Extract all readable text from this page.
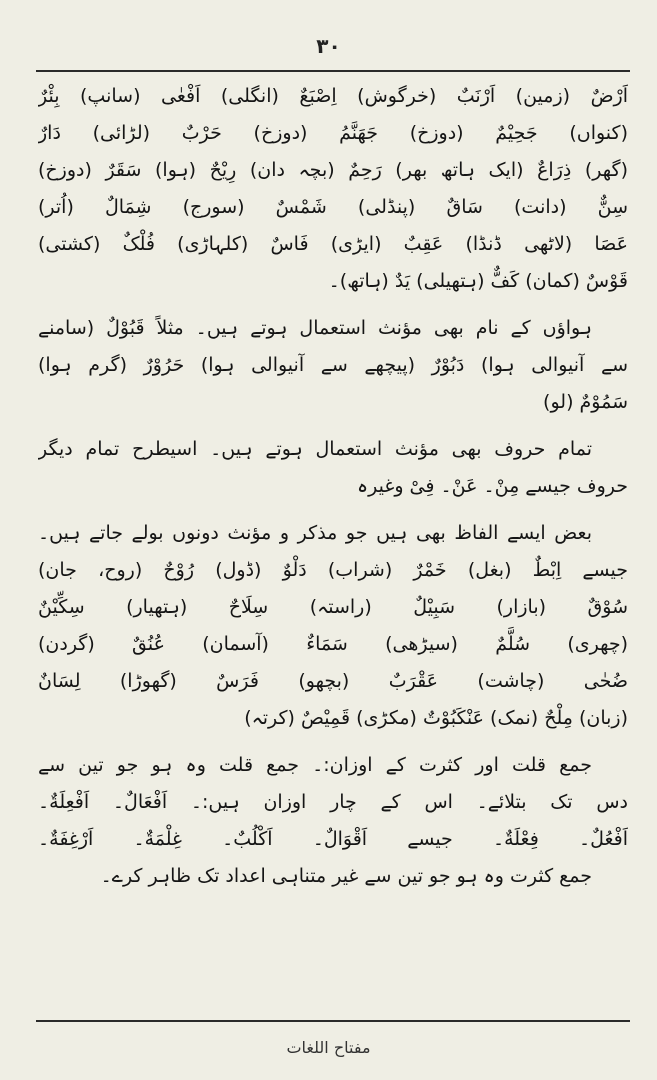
۳۰
اَرْضٌ (زمین) اَرْنَبٌ (خرگوش) اِصْبَعٌ (انگلی) اَفْعٰی (سانپ) بِئْرٌ
(کنواں) جَحِیْمٌ (دوزخ) جَهَنَّمُ (دوزخ) حَرْبٌ (لڑائی) دَارٌ
(گھر) ذِرَاعٌ (ایک ہاتھ بھر) رَحِمٌ (بچہ دان) رِیْحٌ (ہوا) سَقَرٌ (دوزخ)
سِنٌّ (دانت) سَاقٌ (پنڈلی) شَمْسٌ (سورج) شِمَالٌ (اُتر)
عَصَا (لاٹھی ڈنڈا) عَقِبٌ (ایڑی) فَاسٌ (کلہاڑی) فُلْکٌ (کشتی)
قَوْسٌ (کمان) کَفٌّ (ہتھیلی) یَدٌ (ہاتھ)۔
ہواؤں کے نام بھی مؤنث استعمال ہوتے ہیں۔ مثلاً قَبُوْلٌ (سامنے
سے آنیوالی ہوا) دَبُوْرٌ (پیچھے سے آنیوالی ہوا) حَرُوْرٌ (گرم ہوا)
سَمُوْمٌ (لو)
تمام حروف بھی مؤنث استعمال ہوتے ہیں۔ اسیطرح تمام دیگر
حروف جیسے مِنْ۔ عَنْ۔ فِیْ وغیرہ
بعض ایسے الفاظ بھی ہیں جو مذکر و مؤنث دونوں بولے جاتے ہیں۔
جیسے اِبْطٌ (بغل) خَمْرٌ (شراب) دَلْوٌ (ڈول) رُوْحٌ (روح، جان)
سُوْقٌ (بازار) سَبِیْلٌ (راستہ) سِلَاحٌ (ہتھیار) سِکِّیْنٌ
(چھری) سُلَّمٌ (سیڑھی) سَمَاءٌ (آسمان) عُنُقٌ (گردن)
ضُحٰی (چاشت) عَقْرَبٌ (بچھو) فَرَسٌ (گھوڑا) لِسَانٌ
(زبان) مِلْحٌ (نمک) عَنْکَبُوْتٌ (مکڑی) قَمِیْصٌ (کرتہ)
جمع قلت اور کثرت کے اوزان:۔ جمع قلت وہ ہو جو تین سے
دس تک بتلائے۔ اس کے چار اوزان ہیں:۔ اَفْعَالٌ۔ اَفْعِلَةٌ۔
اَفْعُلٌ۔ فِعْلَةٌ۔ جیسے اَقْوَالٌ۔ اَکْلُبٌ۔ غِلْمَةٌ۔ اَرْغِفَةٌ۔
جمع کثرت وہ ہو جو تین سے غیر متناہی اعداد تک ظاہر کرے۔
مفتاح اللغات
